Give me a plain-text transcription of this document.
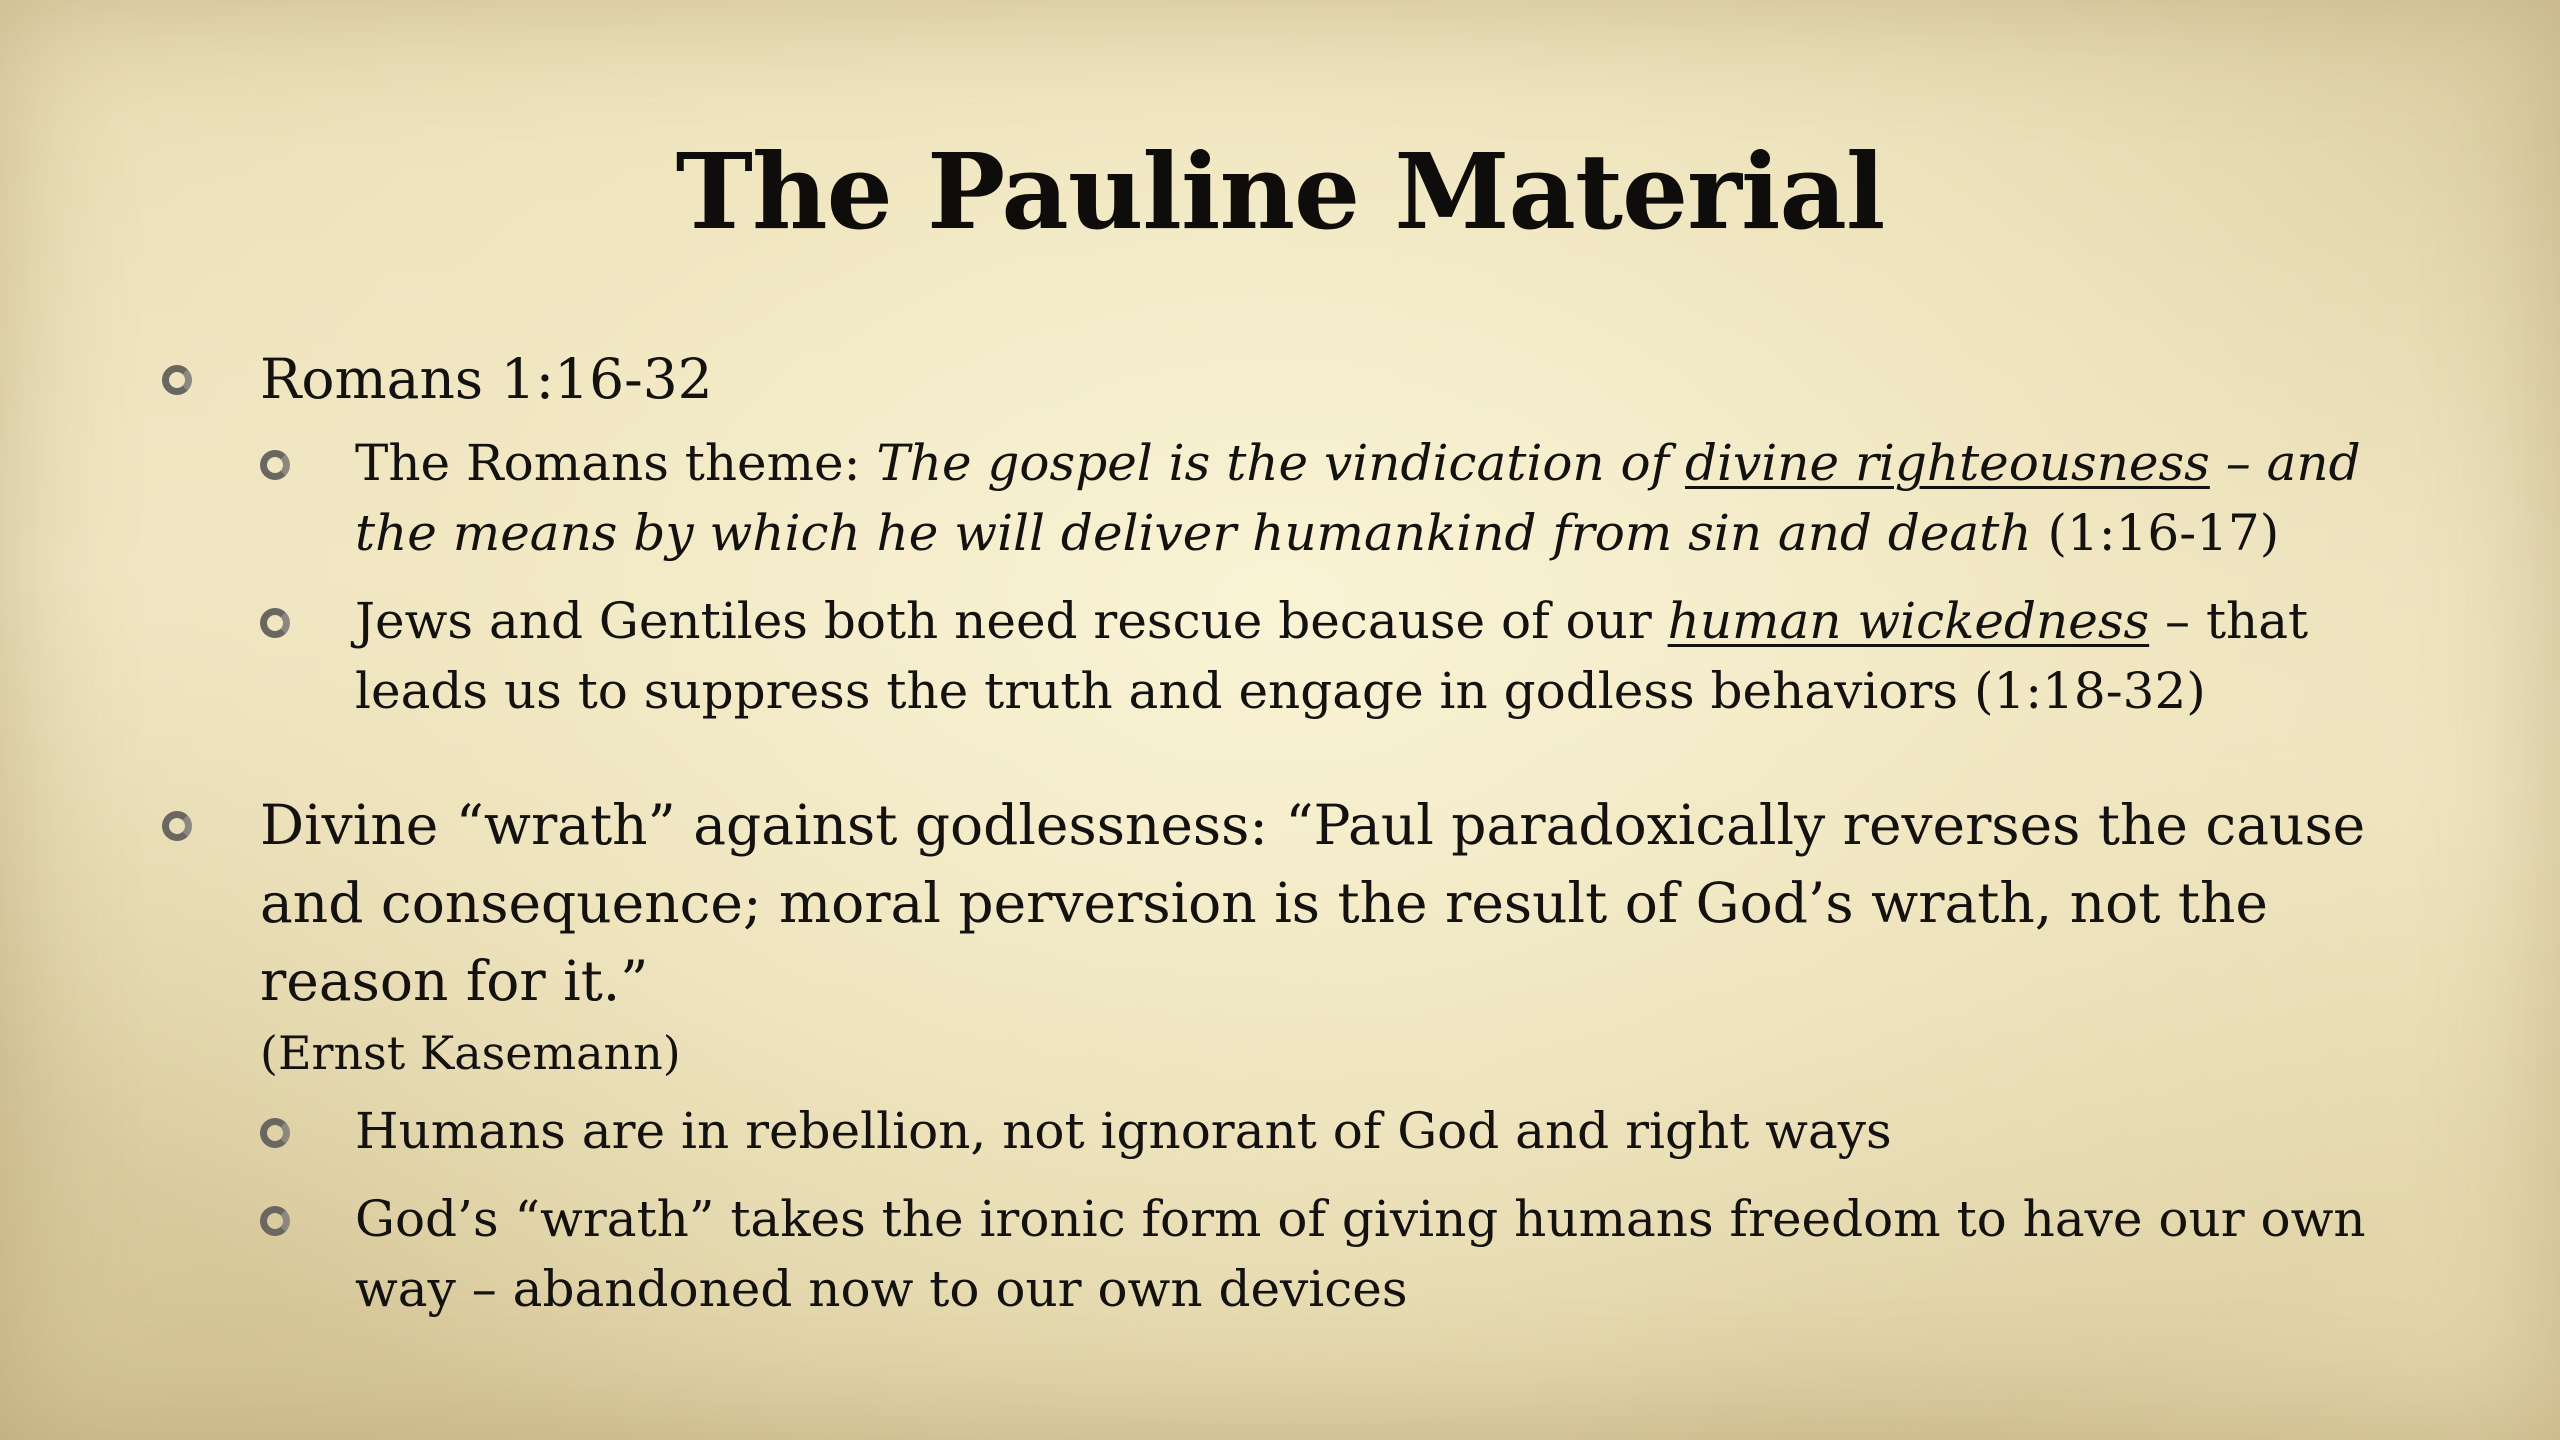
The Pauline Material
Romans 1:16-32
The Romans theme: The gospel is the vindication of divine righteousness – and the means by which he will deliver humankind from sin and death (1:16-17)
Jews and Gentiles both need rescue because of our human wickedness – that leads us to suppress the truth and engage in godless behaviors (1:18-32)
Divine “wrath” against godlessness: “Paul paradoxically reverses the cause and consequence; moral perversion is the result of God’s wrath, not the reason for it.”
(Ernst Kasemann)
Humans are in rebellion, not ignorant of God and right ways
God’s “wrath” takes the ironic form of giving humans freedom to have our own way – abandoned now to our own devices
